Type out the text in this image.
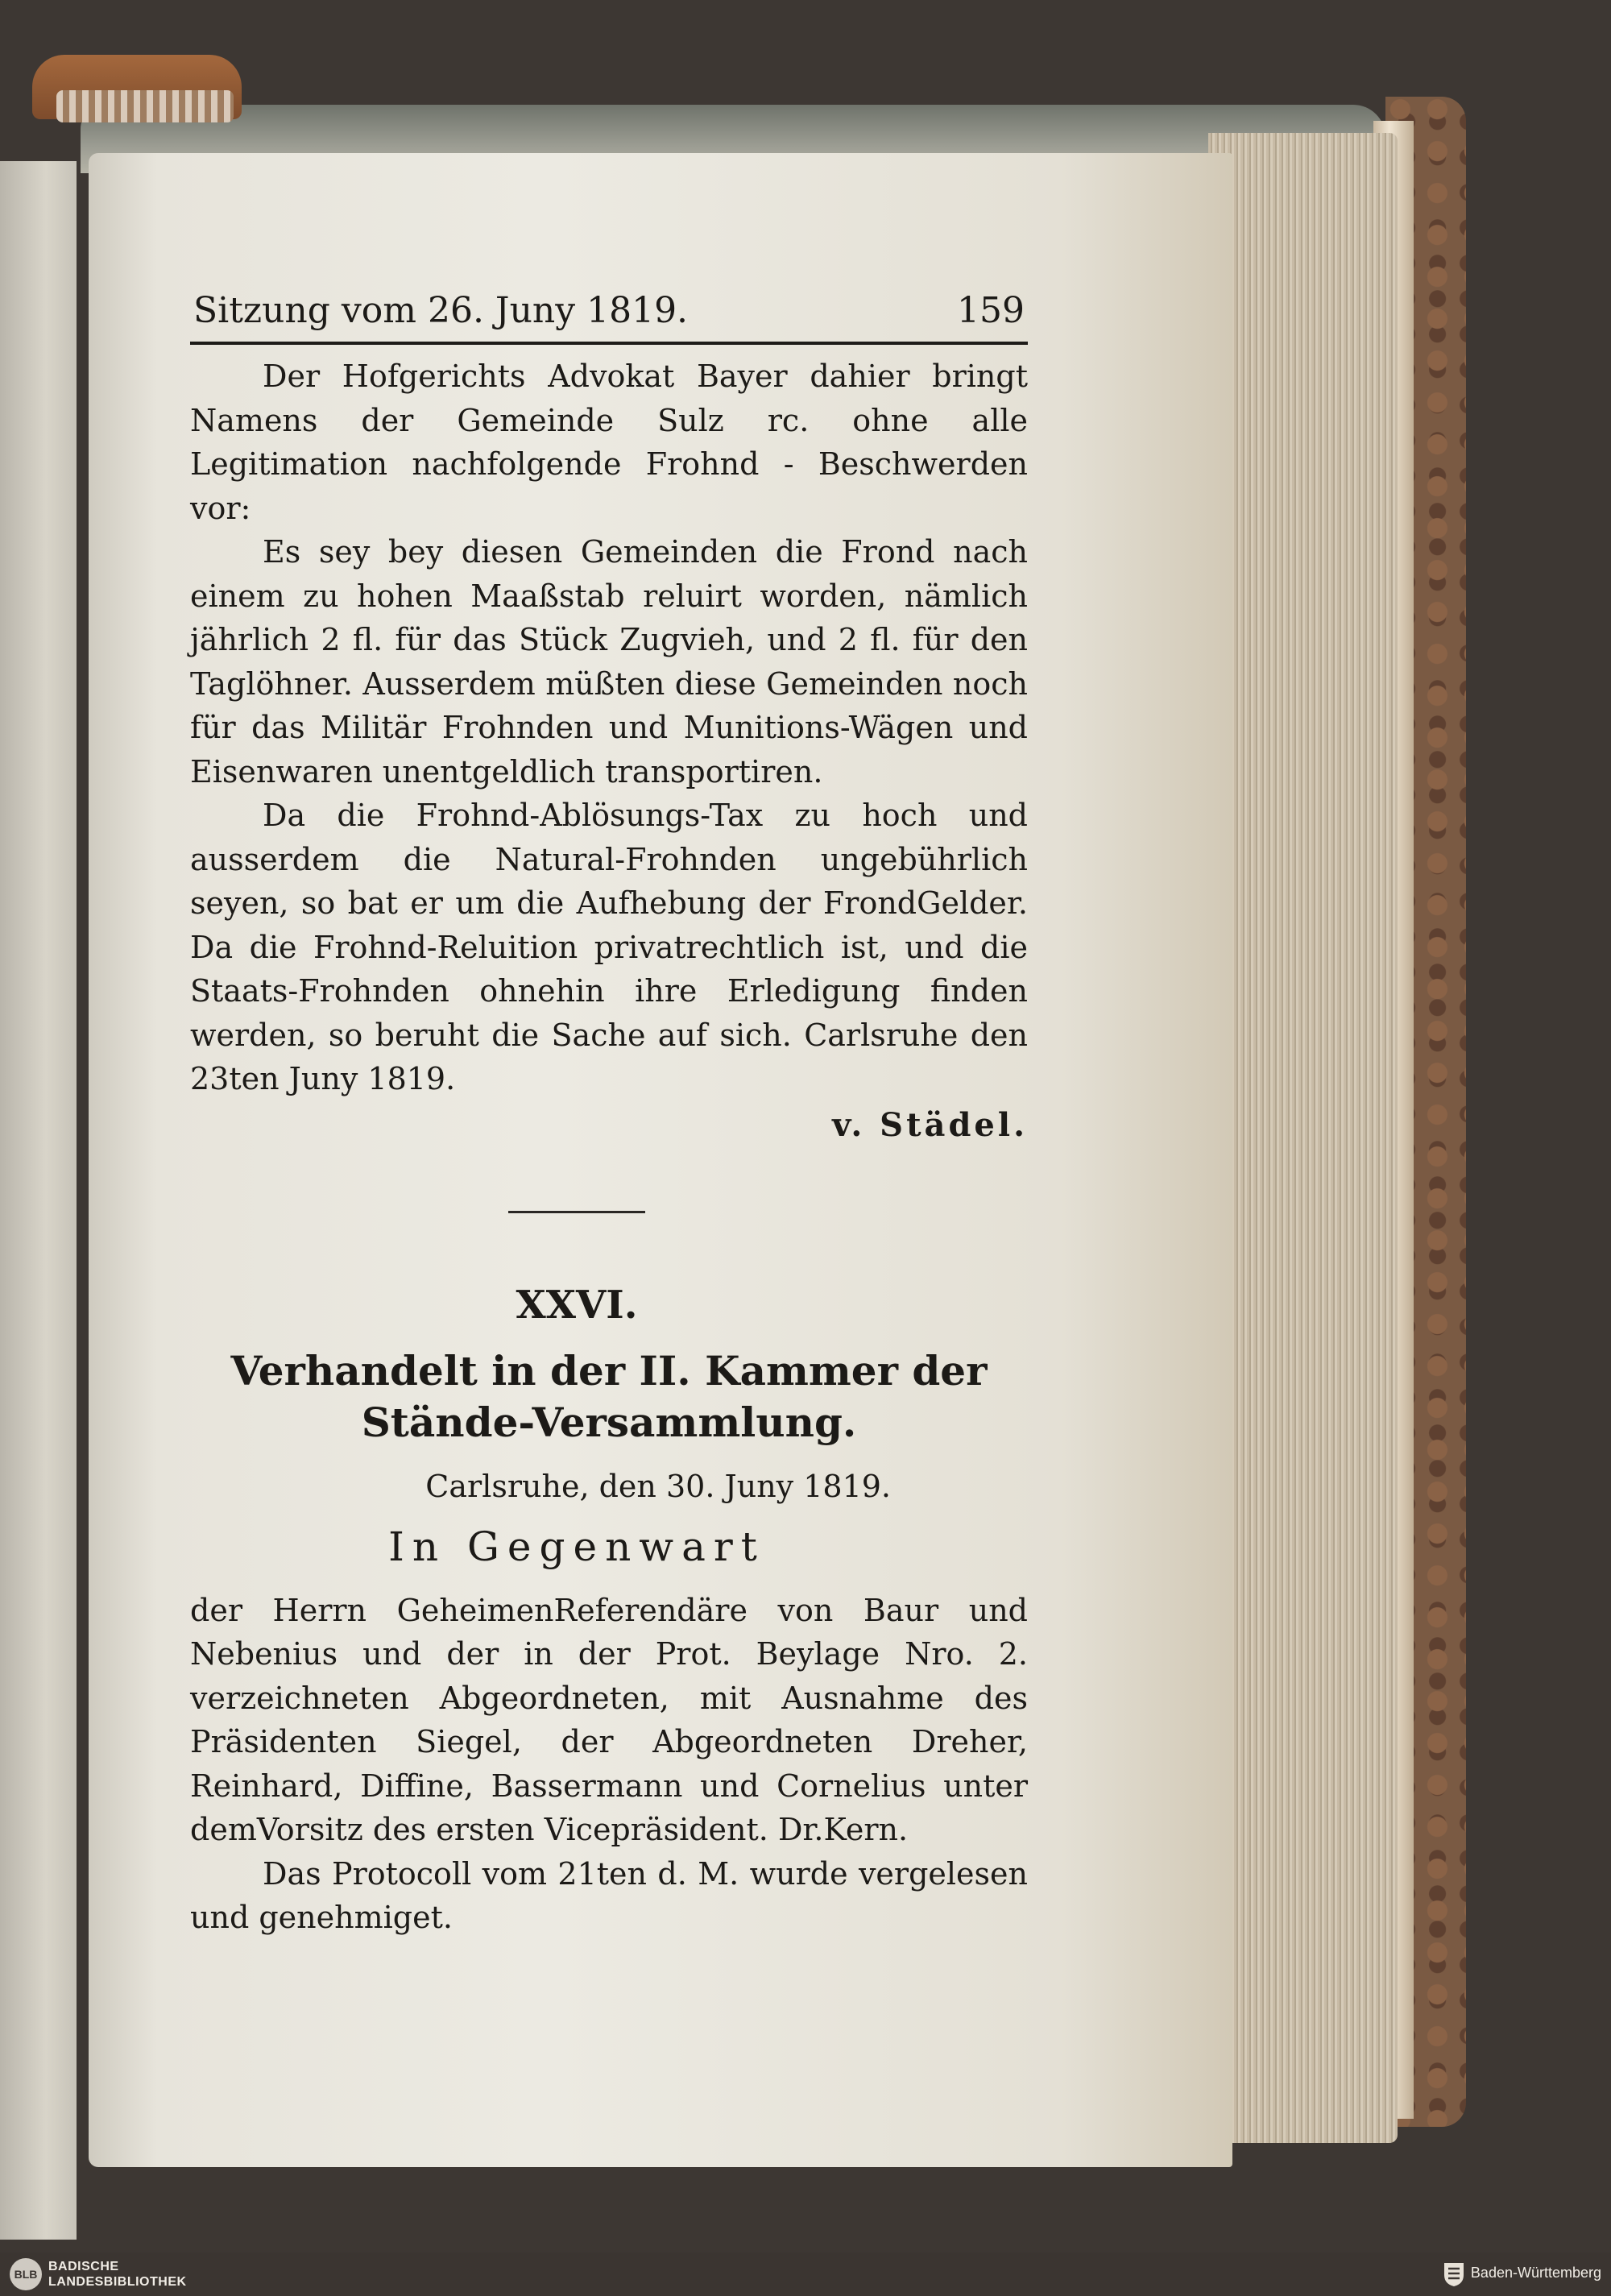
Sitzung vom 26. Juny 1819.	159

Der Hofgerichts Advokat Bayer dahier bringt Namens der Gemeinde Sulz rc. ohne alle Legitimation nachfolgende Frohnd - Beschwerden vor:

Es sey bey diesen Gemeinden die Frond nach einem zu hohen Maaßstab reluirt worden, nämlich jährlich 2 fl. für das Stück Zugvieh, und 2 fl. für den Taglöhner. Ausserdem müßten diese Gemeinden noch für das Militär Frohnden und Munitions-Wägen und Eisenwaren unentgeldlich transportiren.

Da die Frohnd-Ablösungs-Tax zu hoch und ausserdem die Natural-Frohnden ungebührlich seyen, so bat er um die Aufhebung der FrondGelder. Da die Frohnd-Reluition privatrechtlich ist, und die Staats-Frohnden ohnehin ihre Erledigung finden werden, so beruht die Sache auf sich. Carlsruhe den 23ten Juny 1819.

v. Städel.
XXVI.
Verhandelt in der II. Kammer der Stände-Versammlung.
Carlsruhe, den 30. Juny 1819.
In Gegenwart

der Herrn GeheimenReferendäre von Baur und Nebenius und der in der Prot. Beylage Nro. 2. verzeichneten Abgeordneten, mit Ausnahme des Präsidenten Siegel, der Abgeordneten Dreher, Reinhard, Diffine, Bassermann und Cornelius unter demVorsitz des ersten Vicepräsident. Dr.Kern.

Das Protocoll vom 21ten d. M. wurde vergelesen und genehmiget.

BLB
BADISCHE
LANDESBIBLIOTHEK
Baden-Württemberg
